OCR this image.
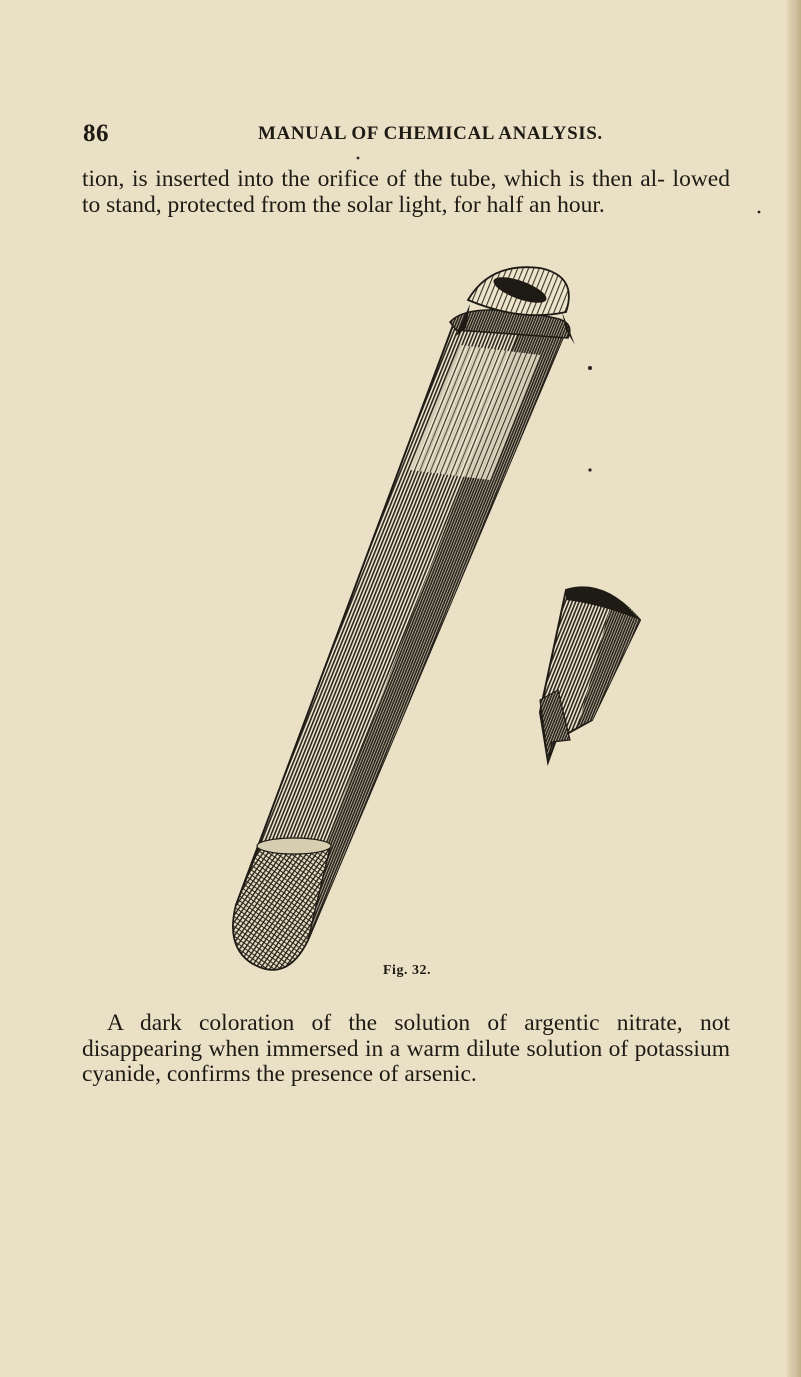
86	MANUAL OF CHEMICAL ANALYSIS.

tion, is inserted into the orifice of the tube, which is then al- lowed to stand, protected from the solar light, for half an hour.

Fig. 32.

A dark coloration of the solution of argentic nitrate, not disappearing when immersed in a warm dilute solution of potassium cyanide, confirms the presence of arsenic.
